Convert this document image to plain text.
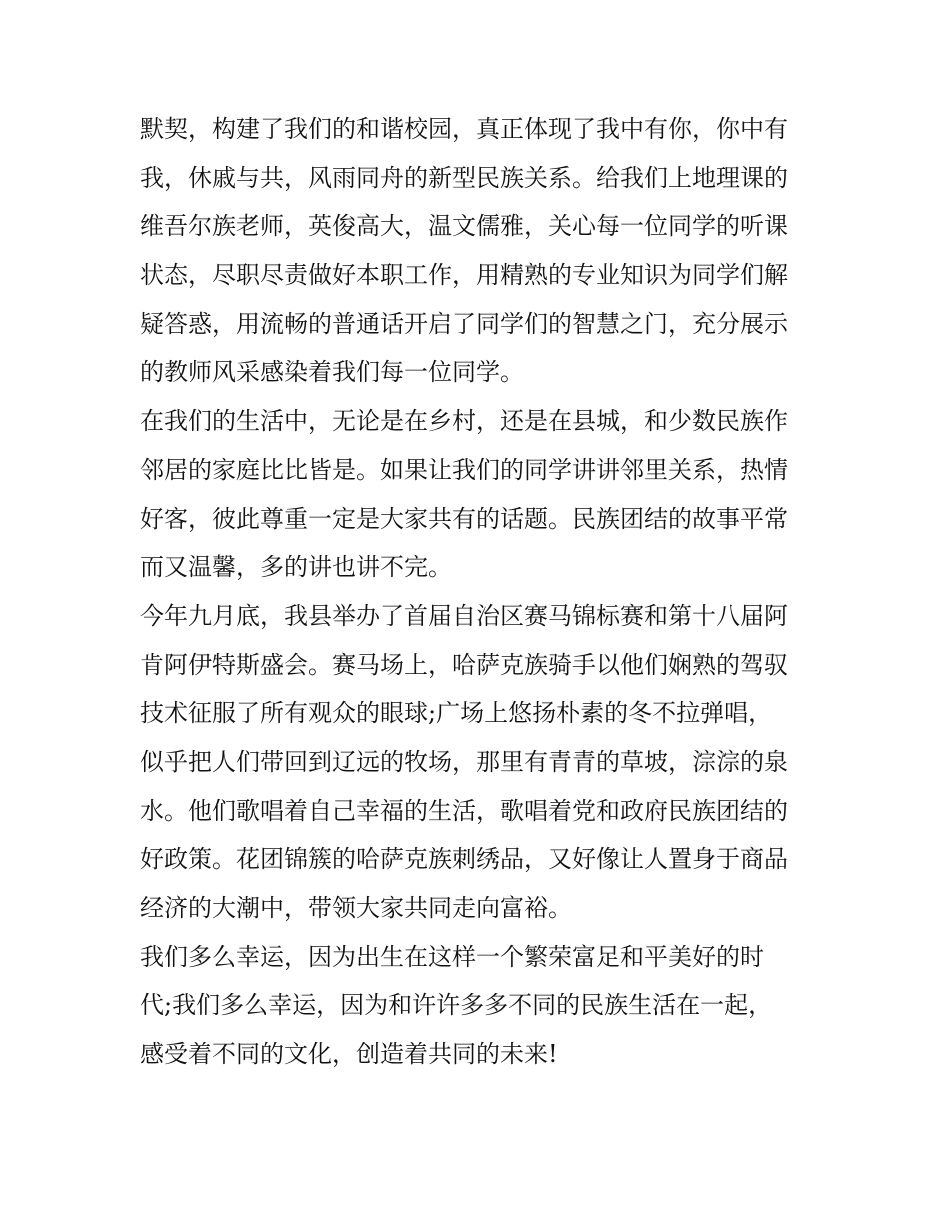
默契，构建了我们的和谐校园，真正体现了我中有你，你中有
我，休戚与共，风雨同舟的新型民族关系。给我们上地理课的
维吾尔族老师，英俊高大，温文儒雅，关心每一位同学的听课
状态，尽职尽责做好本职工作，用精熟的专业知识为同学们解
疑答惑，用流畅的普通话开启了同学们的智慧之门，充分展示
的教师风采感染着我们每一位同学。
在我们的生活中，无论是在乡村，还是在县城，和少数民族作
邻居的家庭比比皆是。如果让我们的同学讲讲邻里关系，热情
好客，彼此尊重一定是大家共有的话题。民族团结的故事平常
而又温馨，多的讲也讲不完。
今年九月底，我县举办了首届自治区赛马锦标赛和第十八届阿
肯阿伊特斯盛会。赛马场上，哈萨克族骑手以他们娴熟的驾驭
技术征服了所有观众的眼球;广场上悠扬朴素的冬不拉弹唱，
似乎把人们带回到辽远的牧场，那里有青青的草坡，淙淙的泉
水。他们歌唱着自己幸福的生活，歌唱着党和政府民族团结的
好政策。花团锦簇的哈萨克族刺绣品，又好像让人置身于商品
经济的大潮中，带领大家共同走向富裕。
我们多么幸运，因为出生在这样一个繁荣富足和平美好的时
代;我们多么幸运，因为和许许多多不同的民族生活在一起，
感受着不同的文化，创造着共同的未来!
